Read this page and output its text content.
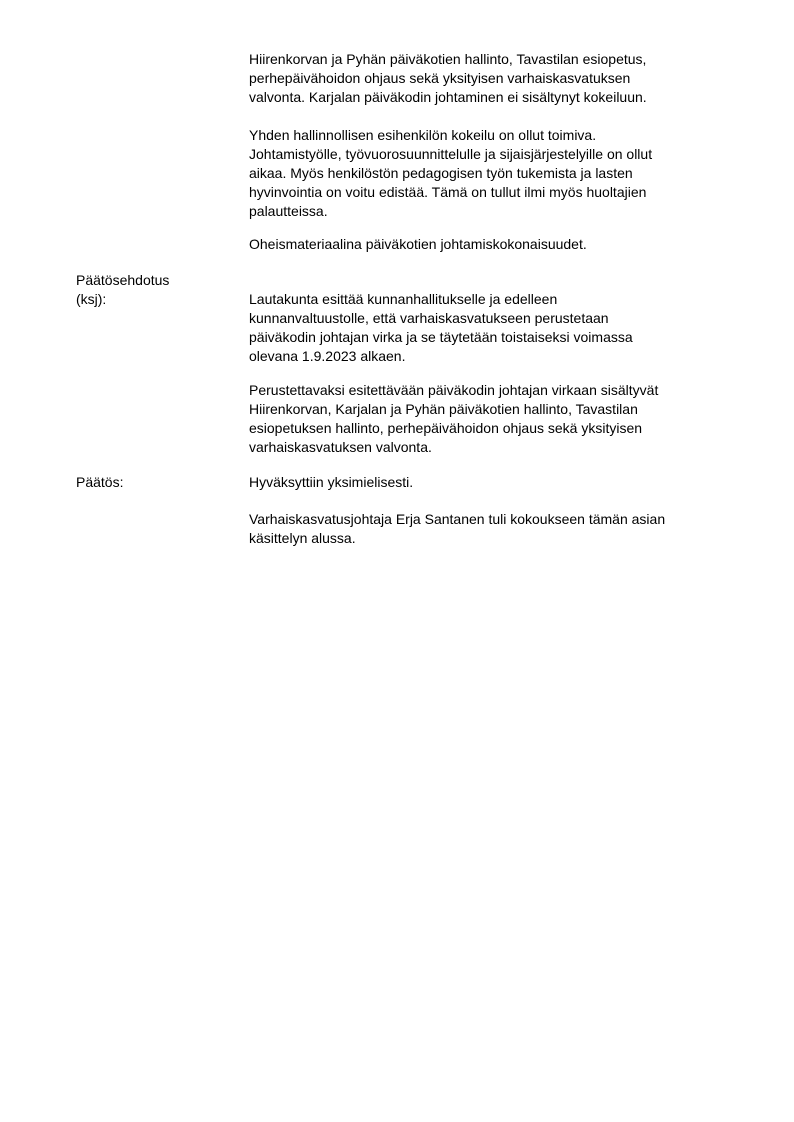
Hiirenkorvan ja Pyhän päiväkotien hallinto, Tavastilan esiopetus,
perhepäivähoidon ohjaus sekä yksityisen varhaiskasvatuksen
valvonta. Karjalan päiväkodin johtaminen ei sisältynyt kokeiluun.

Yhden hallinnollisen esihenkilön kokeilu on ollut toimiva.
Johtamistyölle, työvuorosuunnittelulle ja sijaisjärjestelyille on ollut
aikaa. Myös henkilöstön pedagogisen työn tukemista ja lasten
hyvinvointia on voitu edistää. Tämä on tullut ilmi myös huoltajien
palautteissa.

Oheismateriaalina päiväkotien johtamiskokonaisuudet.

Päätösehdotus
(ksj):	Lautakunta esittää kunnanhallitukselle ja edelleen
kunnanvaltuustolle, että varhaiskasvatukseen perustetaan
päiväkodin johtajan virka ja se täytetään toistaiseksi voimassa
olevana 1.9.2023 alkaen.

Perustettavaksi esitettävään päiväkodin johtajan virkaan sisältyvät
Hiirenkorvan, Karjalan ja Pyhän päiväkotien hallinto, Tavastilan
esiopetuksen hallinto, perhepäivähoidon ohjaus sekä yksityisen
varhaiskasvatuksen valvonta.

Päätös:	Hyväksyttiin yksimielisesti.

Varhaiskasvatusjohtaja Erja Santanen tuli kokoukseen tämän asian
käsittelyn alussa.
